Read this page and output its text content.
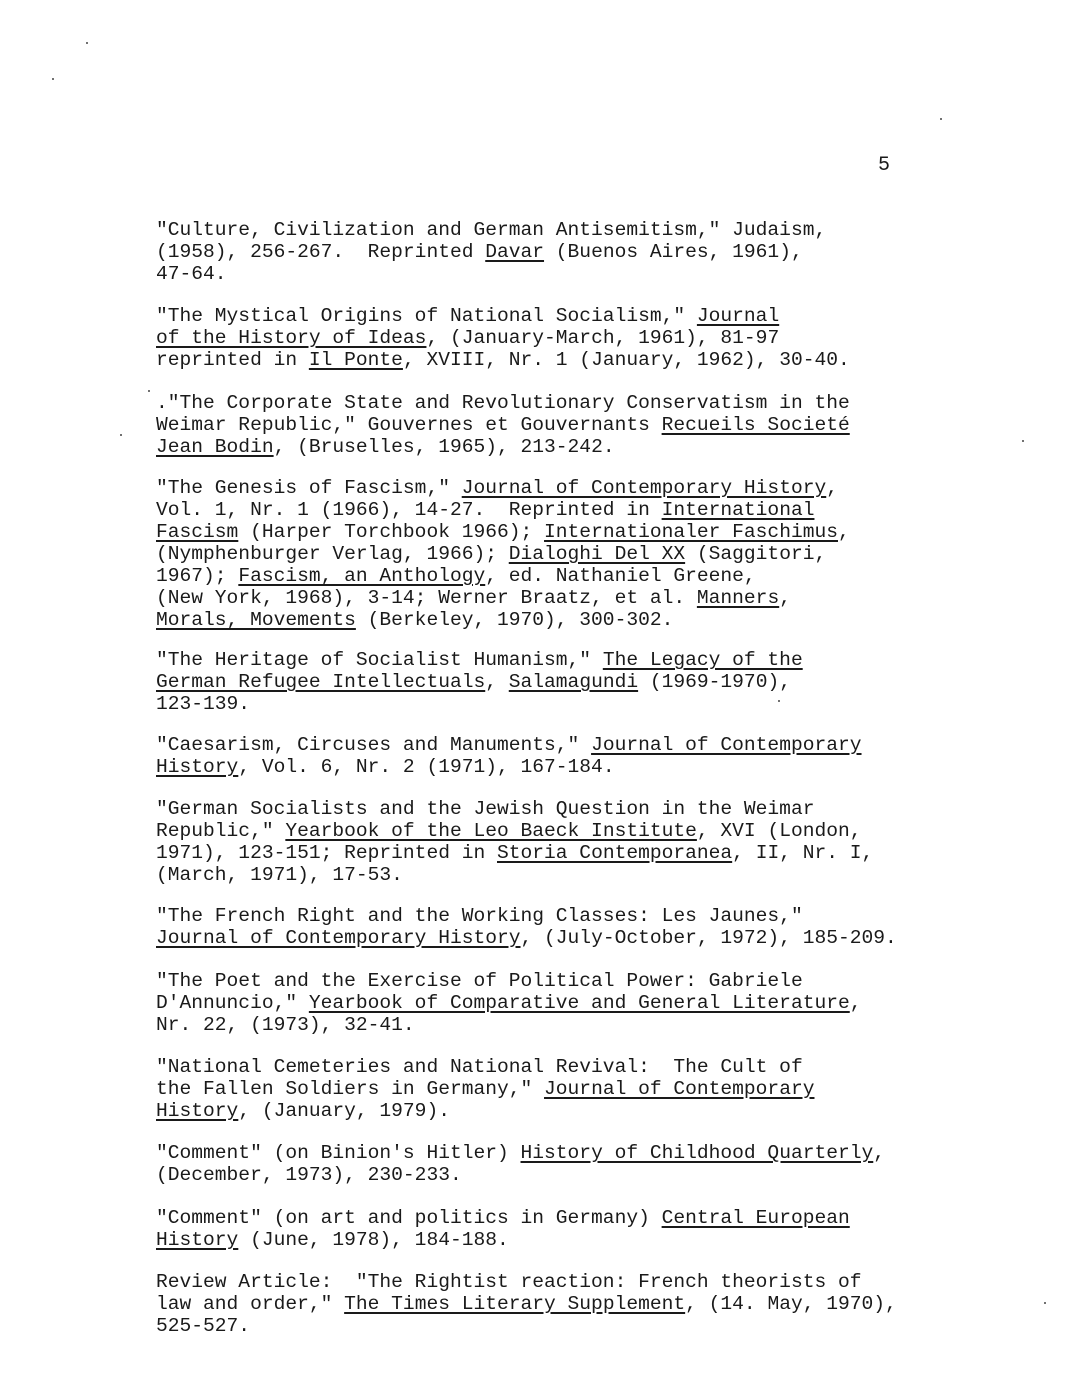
5
"Culture, Civilization and German Antisemitism," Judaism,
(1958), 256-267.  Reprinted Davar (Buenos Aires, 1961),
47-64.
"The Mystical Origins of National Socialism," Journal
of the History of Ideas, (January-March, 1961), 81-97
reprinted in Il Ponte, XVIII, Nr. 1 (January, 1962), 30-40.
."The Corporate State and Revolutionary Conservatism in the
Weimar Republic," Gouvernes et Gouvernants Recueils Societé
Jean Bodin, (Bruselles, 1965), 213-242.
"The Genesis of Fascism," Journal of Contemporary History,
Vol. 1, Nr. 1 (1966), 14-27.  Reprinted in International
Fascism (Harper Torchbook 1966); Internationaler Faschimus,
(Nymphenburger Verlag, 1966); Dialoghi Del XX (Saggitori,
1967); Fascism, an Anthology, ed. Nathaniel Greene,
(New York, 1968), 3-14; Werner Braatz, et al. Manners,
Morals, Movements (Berkeley, 1970), 300-302.
"The Heritage of Socialist Humanism," The Legacy of the
German Refugee Intellectuals, Salamagundi (1969-1970),
123-139.
"Caesarism, Circuses and Manuments," Journal of Contemporary
History, Vol. 6, Nr. 2 (1971), 167-184.
"German Socialists and the Jewish Question in the Weimar
Republic," Yearbook of the Leo Baeck Institute, XVI (London,
1971), 123-151; Reprinted in Storia Contemporanea, II, Nr. I,
(March, 1971), 17-53.
"The French Right and the Working Classes: Les Jaunes,"
Journal of Contemporary History, (July-October, 1972), 185-209.
"The Poet and the Exercise of Political Power: Gabriele
D'Annuncio," Yearbook of Comparative and General Literature,
Nr. 22, (1973), 32-41.
"National Cemeteries and National Revival:  The Cult of
the Fallen Soldiers in Germany," Journal of Contemporary
History, (January, 1979).
"Comment" (on Binion's Hitler) History of Childhood Quarterly,
(December, 1973), 230-233.
"Comment" (on art and politics in Germany) Central European
History (June, 1978), 184-188.
Review Article:  "The Rightist reaction: French theorists of
law and order," The Times Literary Supplement, (14. May, 1970),
525-527.
